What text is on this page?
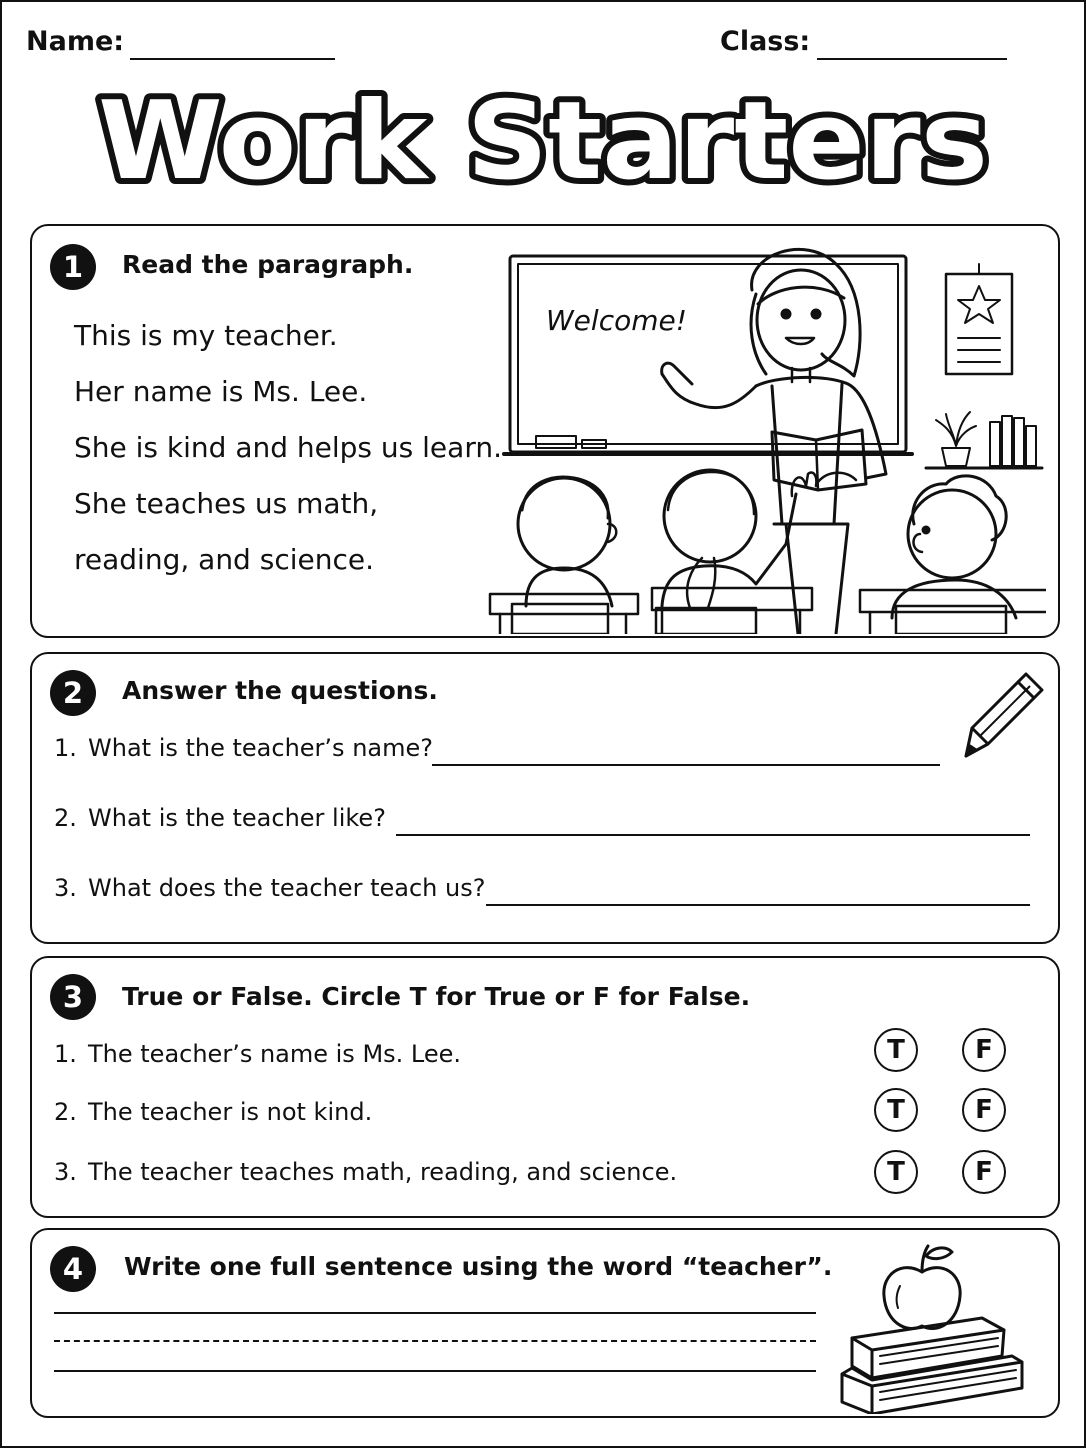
Name:	Class:
Work Starters
1	Read the paragraph.
This is my teacher.
Her name is Ms. Lee.
She is kind and helps us learn.
She teaches us math,
reading, and science.
Welcome!
2	Answer the questions.
1. What is the teacher’s name?
2. What is the teacher like?
3. What does the teacher teach us?
3	True or False. Circle T for True or F for False.
1. The teacher’s name is Ms. Lee.	T	F
2. The teacher is not kind.	T	F
3. The teacher teaches math, reading, and science.	T	F
4	Write one full sentence using the word “teacher”.
